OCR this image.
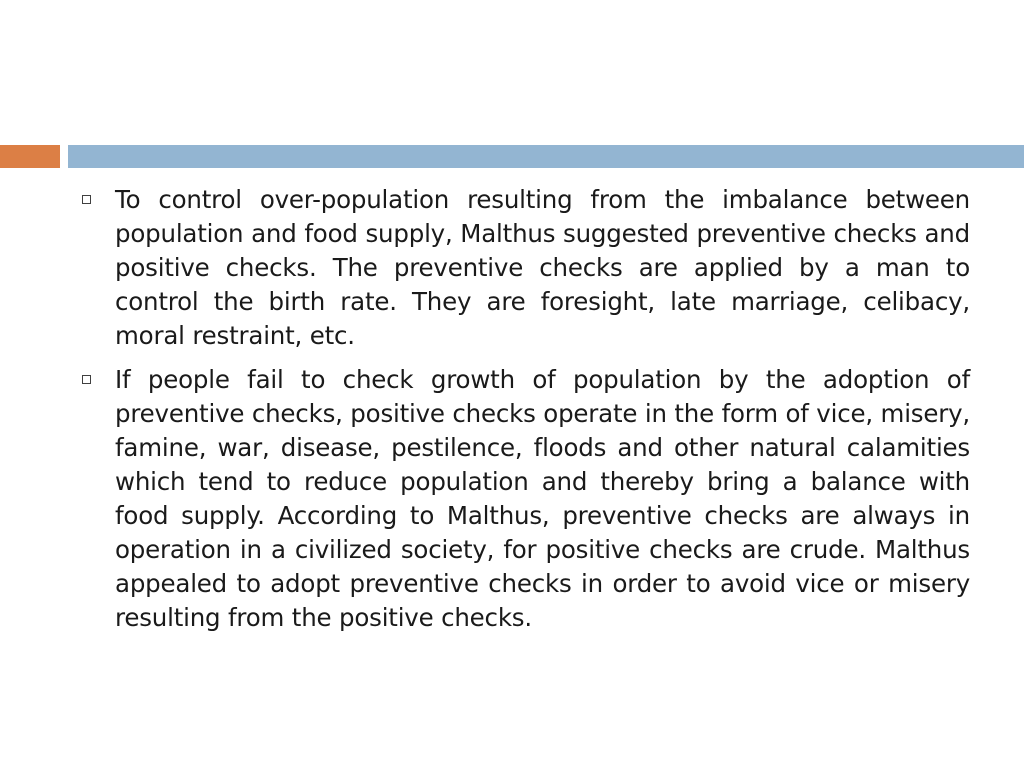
To control over-population resulting from the imbalance between population and food supply, Malthus suggested preventive checks and positive checks. The preventive checks are applied by a man to control the birth rate. They are foresight, late marriage, celibacy, moral restraint, etc.

If people fail to check growth of population by the adoption of preventive checks, positive checks operate in the form of vice, misery, famine, war, disease, pestilence, floods and other natural calamities which tend to reduce population and thereby bring a balance with food supply. According to Malthus, preventive checks are always in operation in a civilized society, for positive checks are crude. Malthus appealed to adopt preventive checks in order to avoid vice or misery resulting from the positive checks.
